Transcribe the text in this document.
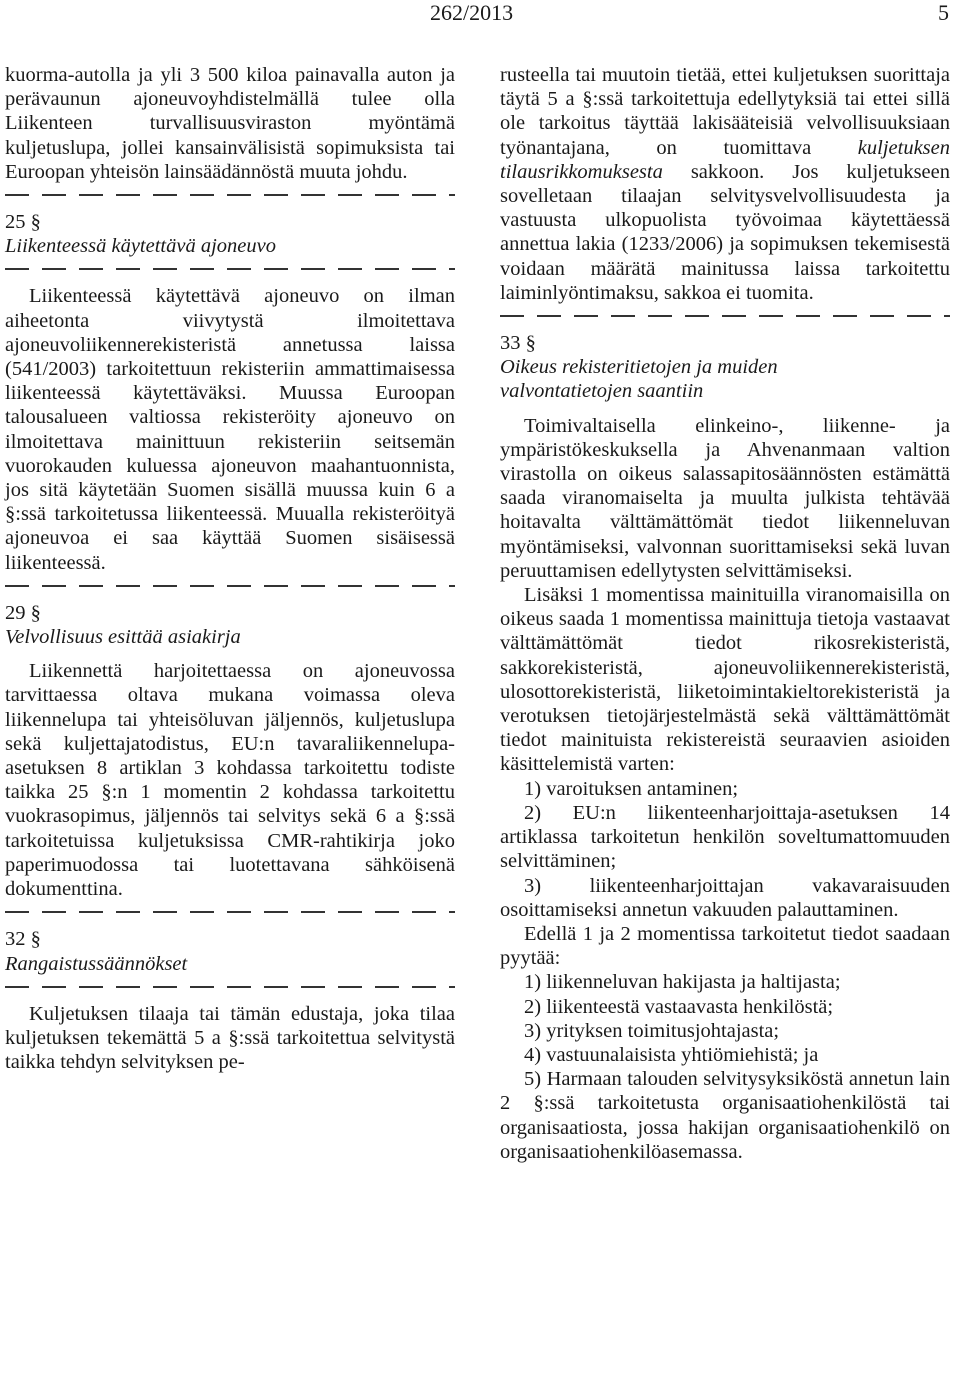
262/2013	5

kuorma-autolla ja yli 3 500 kiloa painavalla auton ja perävaunun ajoneuvoyhdistelmällä tulee olla Liikenteen turvallisuusviraston myöntämä kuljetuslupa, jollei kansainvälisistä sopimuksista tai Euroopan yhteisön lainsäädännöstä muuta johdu.

25 §

Liikenteessä käytettävä ajoneuvo

Liikenteessä käytettävä ajoneuvo on ilman aiheetonta viivytystä ilmoitettava ajoneuvoliikennerekisteristä annetussa laissa (541/2003) tarkoitettuun rekisteriin ammattimaisessa liikenteessä käytettäväksi. Muussa Euroopan talousalueen valtiossa rekisteröity ajoneuvo on ilmoitettava mainittuun rekisteriin seitsemän vuorokauden kuluessa ajoneuvon maahantuonnista, jos sitä käytetään Suomen sisällä muussa kuin 6 a §:ssä tarkoitetussa liikenteessä. Muualla rekisteröityä ajoneuvoa ei saa käyttää Suomen sisäisessä liikenteessä.

29 §

Velvollisuus esittää asiakirja

Liikennettä harjoitettaessa on ajoneuvossa tarvittaessa oltava mukana voimassa oleva liikennelupa tai yhteisöluvan jäljennös, kuljetuslupa sekä kuljettajatodistus, EU:n tavaraliikennelupa-asetuksen 8 artiklan 3 kohdassa tarkoitettu todiste taikka 25 §:n 1 momentin 2 kohdassa tarkoitettu vuokrasopimus, jäljennös tai selvitys sekä 6 a §:ssä tarkoitetuissa kuljetuksissa CMR-rahtikirja joko paperimuodossa tai luotettavana sähköisenä dokumenttina.

32 §

Rangaistussäännökset

Kuljetuksen tilaaja tai tämän edustaja, joka tilaa kuljetuksen tekemättä 5 a §:ssä tarkoitettua selvitystä taikka tehdyn selvityksen pe-

rusteella tai muutoin tietää, ettei kuljetuksen suorittaja täytä 5 a §:ssä tarkoitettuja edellytyksiä tai ettei sillä ole tarkoitus täyttää lakisääteisiä velvollisuuksiaan työnantajana, on tuomittava kuljetuksen tilausrikkomuksesta sakkoon. Jos kuljetukseen sovelletaan tilaajan selvitysvelvollisuudesta ja vastuusta ulkopuolista työvoimaa käytettäessä annettua lakia (1233/2006) ja sopimuksen tekemisestä voidaan määrätä mainitussa laissa tarkoitettu laiminlyöntimaksu, sakkoa ei tuomita.

33 §

Oikeus rekisteritietojen ja muiden
valvontatietojen saantiin

Toimivaltaisella elinkeino-, liikenne- ja ympäristökeskuksella ja Ahvenanmaan valtion virastolla on oikeus salassapitosäännösten estämättä saada viranomaiselta ja muulta julkista tehtävää hoitavalta välttämättömät tiedot liikenneluvan myöntämiseksi, valvonnan suorittamiseksi sekä luvan peruuttamisen edellytysten selvittämiseksi.

Lisäksi 1 momentissa mainituilla viranomaisilla on oikeus saada 1 momentissa mainittuja tietoja vastaavat välttämättömät tiedot rikosrekisteristä, sakkorekisteristä, ajoneuvoliikennerekisteristä, ulosottorekisteristä, liiketoimintakieltorekisteristä ja verotuksen tietojärjestelmästä sekä välttämättömät tiedot mainituista rekistereistä seuraavien asioiden käsittelemistä varten:

1) varoituksen antaminen;

2) EU:n liikenteenharjoittaja-asetuksen 14 artiklassa tarkoitetun henkilön soveltumattomuuden selvittäminen;

3) liikenteenharjoittajan vakavaraisuuden osoittamiseksi annetun vakuuden palauttaminen.

Edellä 1 ja 2 momentissa tarkoitetut tiedot saadaan pyytää:

1) liikenneluvan hakijasta ja haltijasta;

2) liikenteestä vastaavasta henkilöstä;

3) yrityksen toimitusjohtajasta;

4) vastuunalaisista yhtiömiehistä; ja

5) Harmaan talouden selvitysyksiköstä annetun lain 2 §:ssä tarkoitetusta organisaatiohenkilöstä tai organisaatiosta, jossa hakijan organisaatiohenkilö on organisaatiohenkilöasemassa.
